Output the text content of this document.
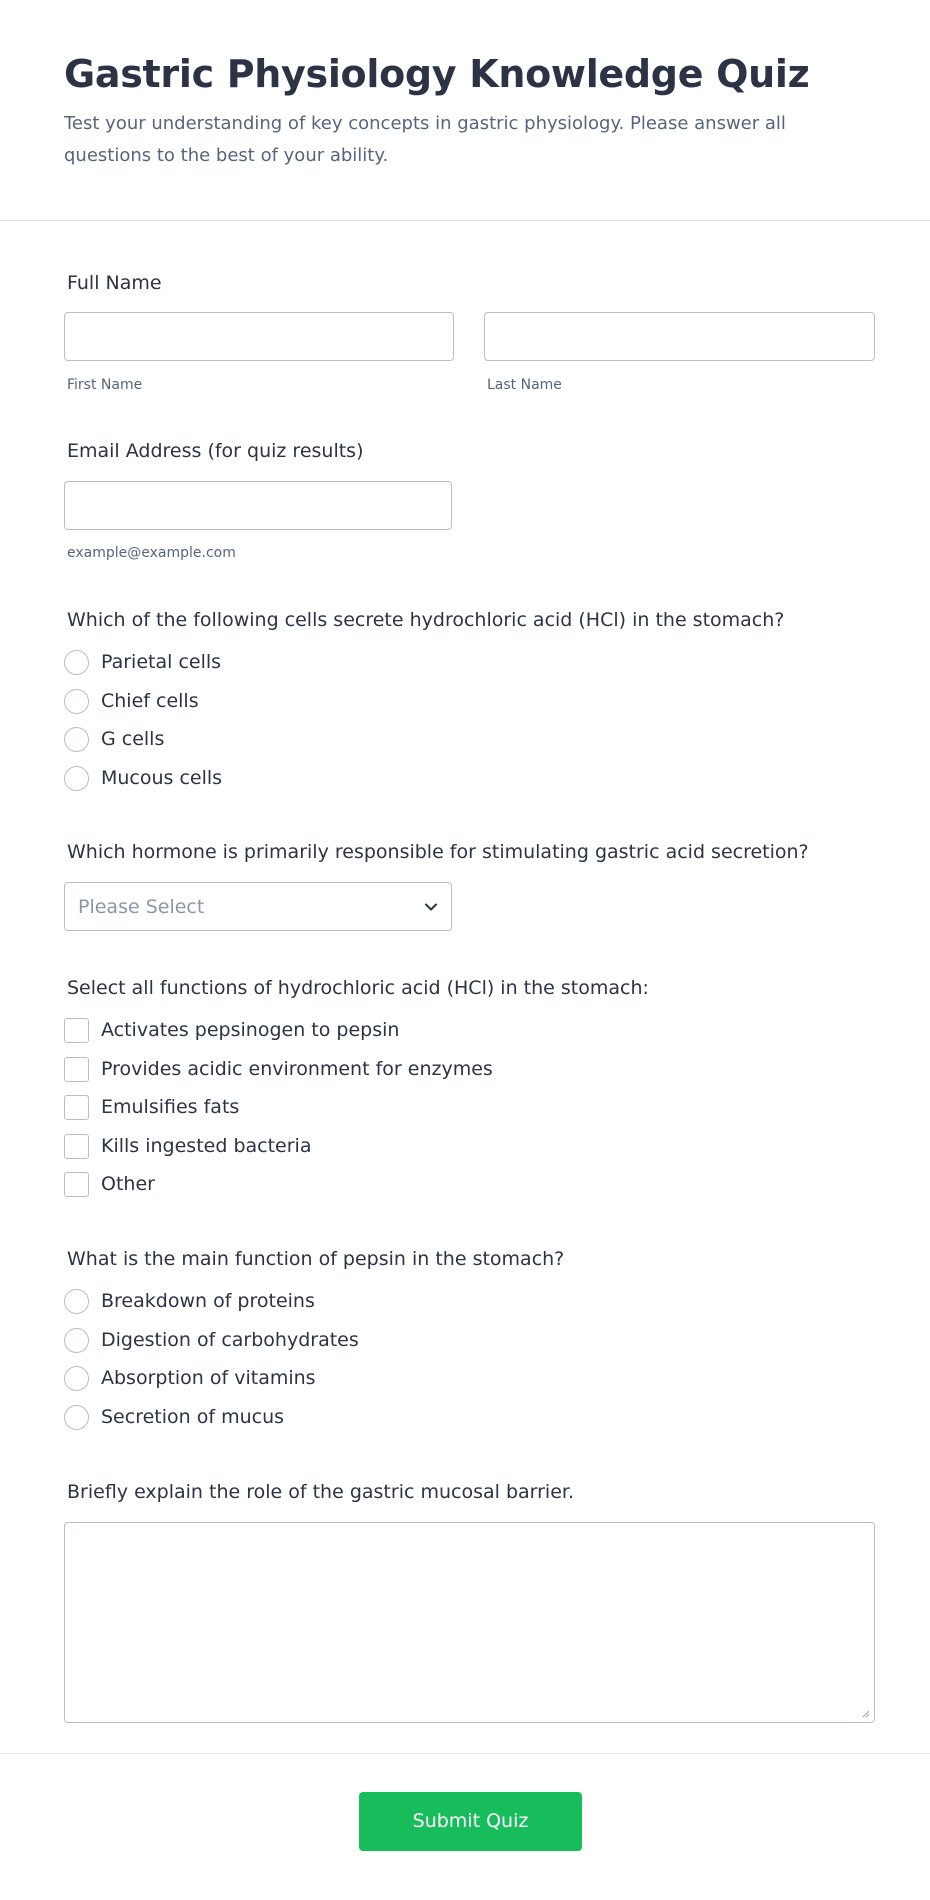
Gastric Physiology Knowledge Quiz

Test your understanding of key concepts in gastric physiology. Please answer all questions to the best of your ability.

Full Name
First Name	Last Name
Email Address (for quiz results)
example@example.com
Which of the following cells secrete hydrochloric acid (HCl) in the stomach?
Parietal cells
Chief cells
G cells
Mucous cells
Which hormone is primarily responsible for stimulating gastric acid secretion?
Please Select
Select all functions of hydrochloric acid (HCl) in the stomach:
Activates pepsinogen to pepsin
Provides acidic environment for enzymes
Emulsifies fats
Kills ingested bacteria
Other
What is the main function of pepsin in the stomach?
Breakdown of proteins
Digestion of carbohydrates
Absorption of vitamins
Secretion of mucus
Briefly explain the role of the gastric mucosal barrier.
Submit Quiz
